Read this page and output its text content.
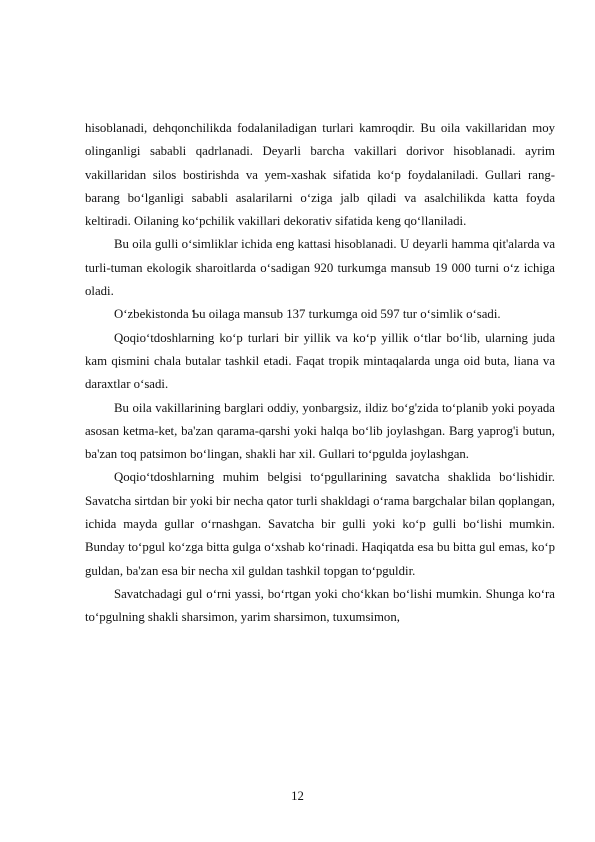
hisoblanadi, dehqonchilikda fodalaniladigan turlari kamroqdir. Bu oila vakillaridan moy olinganligi sababli qadrlanadi. Deyarli barcha vakillari dorivor hisoblanadi. ayrim vakillaridan silos bostirishda va yem-xashak sifatida ko‘p foydalaniladi. Gullari rang-barang bo‘lganligi sababli asalarilarni o‘ziga jalb qiladi va asalchilikda katta foyda keltiradi. Oilaning ko‘pchilik vakillari dekorativ sifatida keng qo‘llaniladi.

Bu oila gulli o‘simliklar ichida eng kattasi hisoblanadi. U deyarli hamma qit'alarda va turli-tuman ekologik sharoitlarda o‘sadigan 920 turkumga mansub 19 000 turni o‘z ichiga oladi.

O‘zbekistonda Ƅu oilaga mansub 137 turkumga oid 597 tur o‘simlik o‘sadi.

Qoqio‘tdoshlarning ko‘p turlari bir yillik va ko‘p yillik o‘tlar bo‘lib, ularning juda kam qismini chala butalar tashkil etadi. Faqat tropik mintaqalarda unga oid buta, liana va daraxtlar o‘sadi.

Bu oila vakillarining barglari oddiy, yonbargsiz, ildiz bo‘g'zida to‘planib yoki poyada asosan ketma-ket, ba'zan qarama-qarshi yoki halqa bo‘lib joylashgan. Barg yaprog'i butun, ba'zan toq patsimon bo‘lingan, shakli har xil. Gullari to‘pgulda joylashgan.

Qoqio‘tdoshlarning muhim belgisi to‘pgullarining savatcha shaklida bo‘lishidir. Savatcha sirtdan bir yoki bir necha qator turli shakldagi o‘rama bargchalar bilan qoplangan, ichida mayda gullar o‘rnashgan. Savatcha bir gulli yoki ko‘p gulli bo‘lishi mumkin. Bunday to‘pgul ko‘zga bitta gulga o‘xshab ko‘rinadi. Haqiqatda esa bu bitta gul emas, ko‘p guldan, ba'zan esa bir necha xil guldan tashkil topgan to‘pguldir.

Savatchadagi gul o‘rni yassi, bo‘rtgan yoki cho‘kkan bo‘lishi mumkin. Shunga ko‘ra to‘pgulning shakli sharsimon, yarim sharsimon, tuxumsimon,

12
